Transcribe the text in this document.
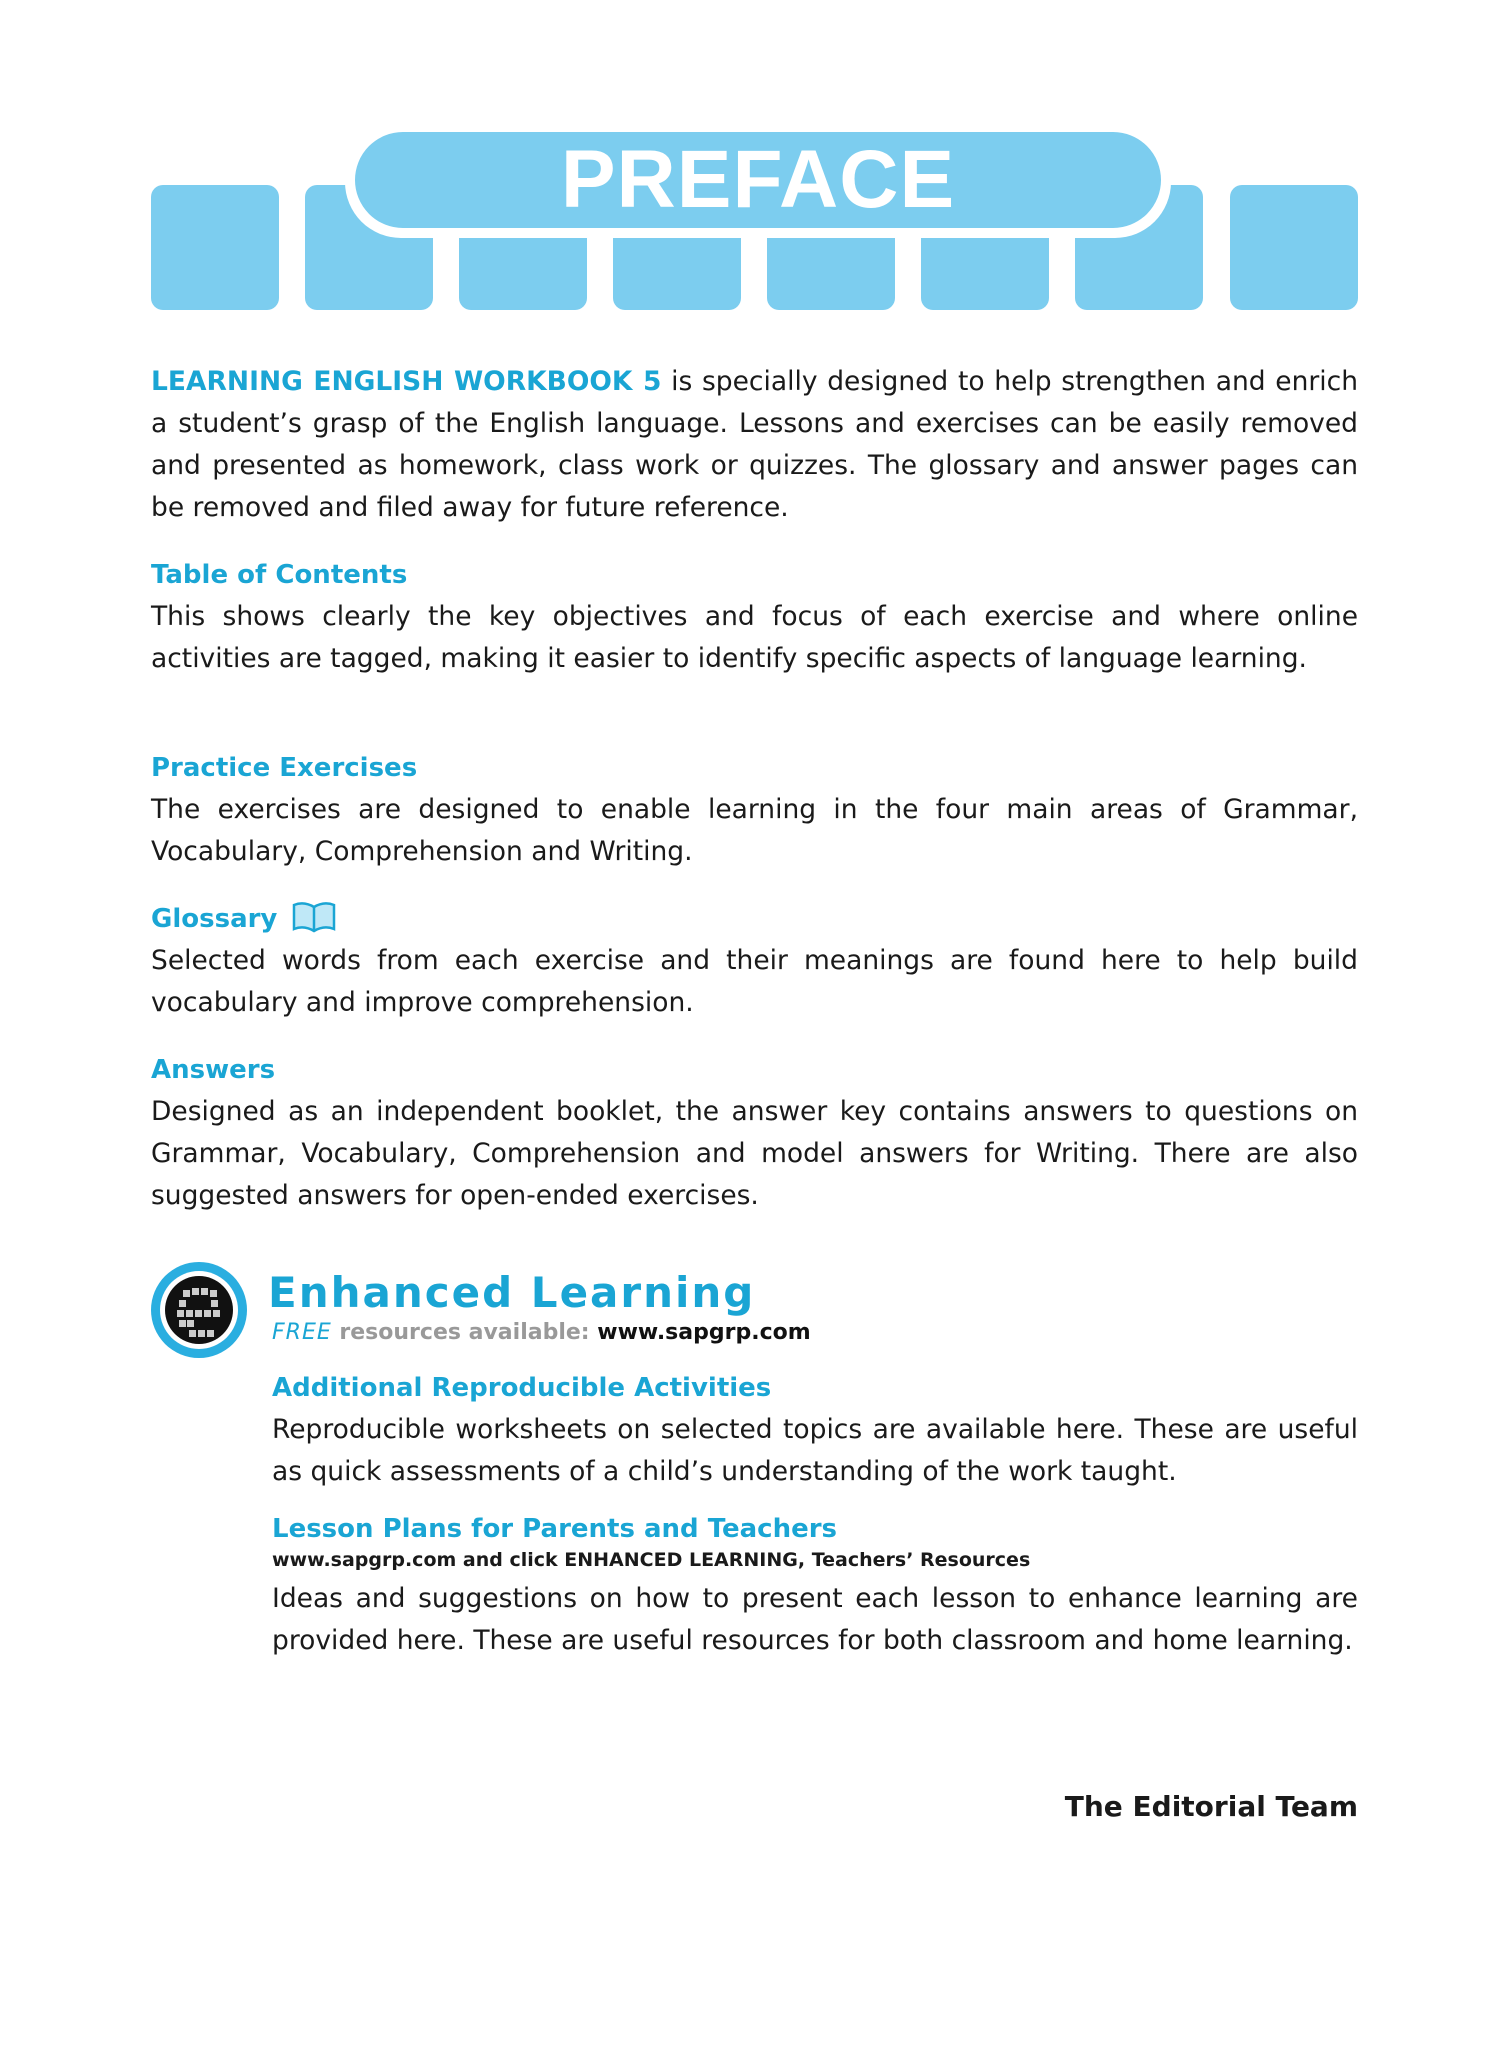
PREFACE
LEARNING ENGLISH WORKBOOK 5 is specially designed to help strengthen and enrich a student’s grasp of the English language. Lessons and exercises can be easily removed and presented as homework, class work or quizzes. The glossary and answer pages can be removed and filed away for future reference.
Table of Contents
This shows clearly the key objectives and focus of each exercise and where online activities are tagged, making it easier to identify specific aspects of language learning.
Practice Exercises
The exercises are designed to enable learning in the four main areas of Grammar, Vocabulary, Comprehension and Writing.
Glossary
Selected words from each exercise and their meanings are found here to help build vocabulary and improve comprehension.
Answers
Designed as an independent booklet, the answer key contains answers to questions on Grammar, Vocabulary, Comprehension and model answers for Writing. There are also suggested answers for open-ended exercises.
Enhanced Learning
FREE resources available: www.sapgrp.com
Additional Reproducible Activities
Reproducible worksheets on selected topics are available here. These are useful as quick assessments of a child’s understanding of the work taught.
Lesson Plans for Parents and Teachers
www.sapgrp.com and click ENHANCED LEARNING, Teachers’ Resources
Ideas and suggestions on how to present each lesson to enhance learning are provided here. These are useful resources for both classroom and home learning.
The Editorial Team
